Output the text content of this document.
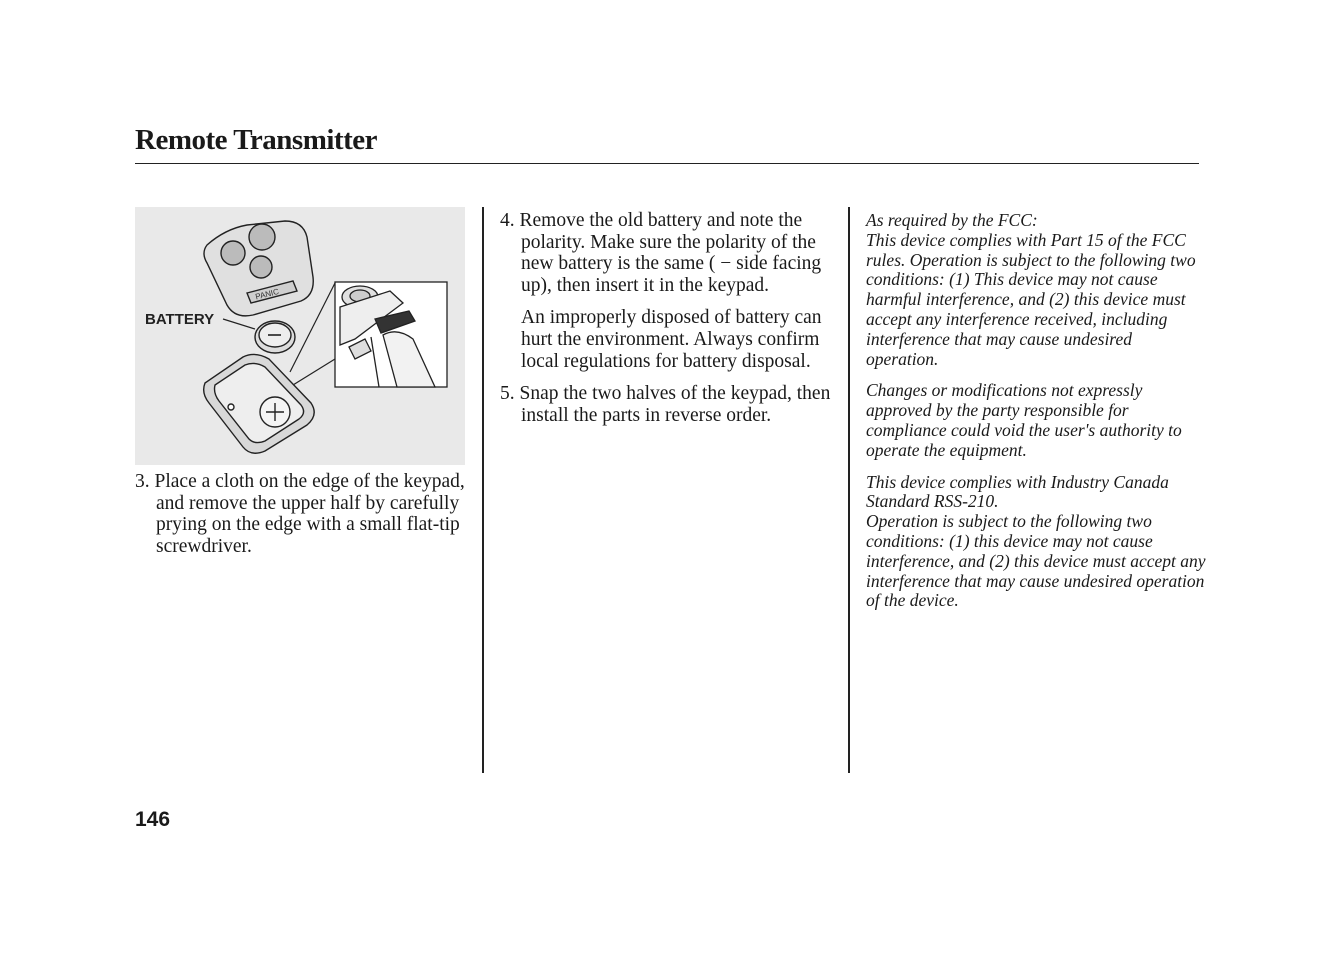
Remote Transmitter
PANIC
BATTERY

3. Place a cloth on the edge of the keypad, and remove the upper half by carefully prying on the edge with a small flat-tip screwdriver.

4. Remove the old battery and note the polarity. Make sure the polarity of the new battery is the same ( − side facing up), then insert it in the keypad.

An improperly disposed of battery can hurt the environment. Always confirm local regulations for battery disposal.

5. Snap the two halves of the keypad, then install the parts in reverse order.

As required by the FCC:
This device complies with Part 15 of the FCC rules. Operation is subject to the following two conditions: (1) This device may not cause harmful interference, and (2) this device must accept any interference received, including interference that may cause undesired operation.

Changes or modifications not expressly approved by the party responsible for compliance could void the user's authority to operate the equipment.

This device complies with Industry Canada Standard RSS-210.
Operation is subject to the following two conditions: (1) this device may not cause interference, and (2) this device must accept any interference that may cause undesired operation of the device.

146
